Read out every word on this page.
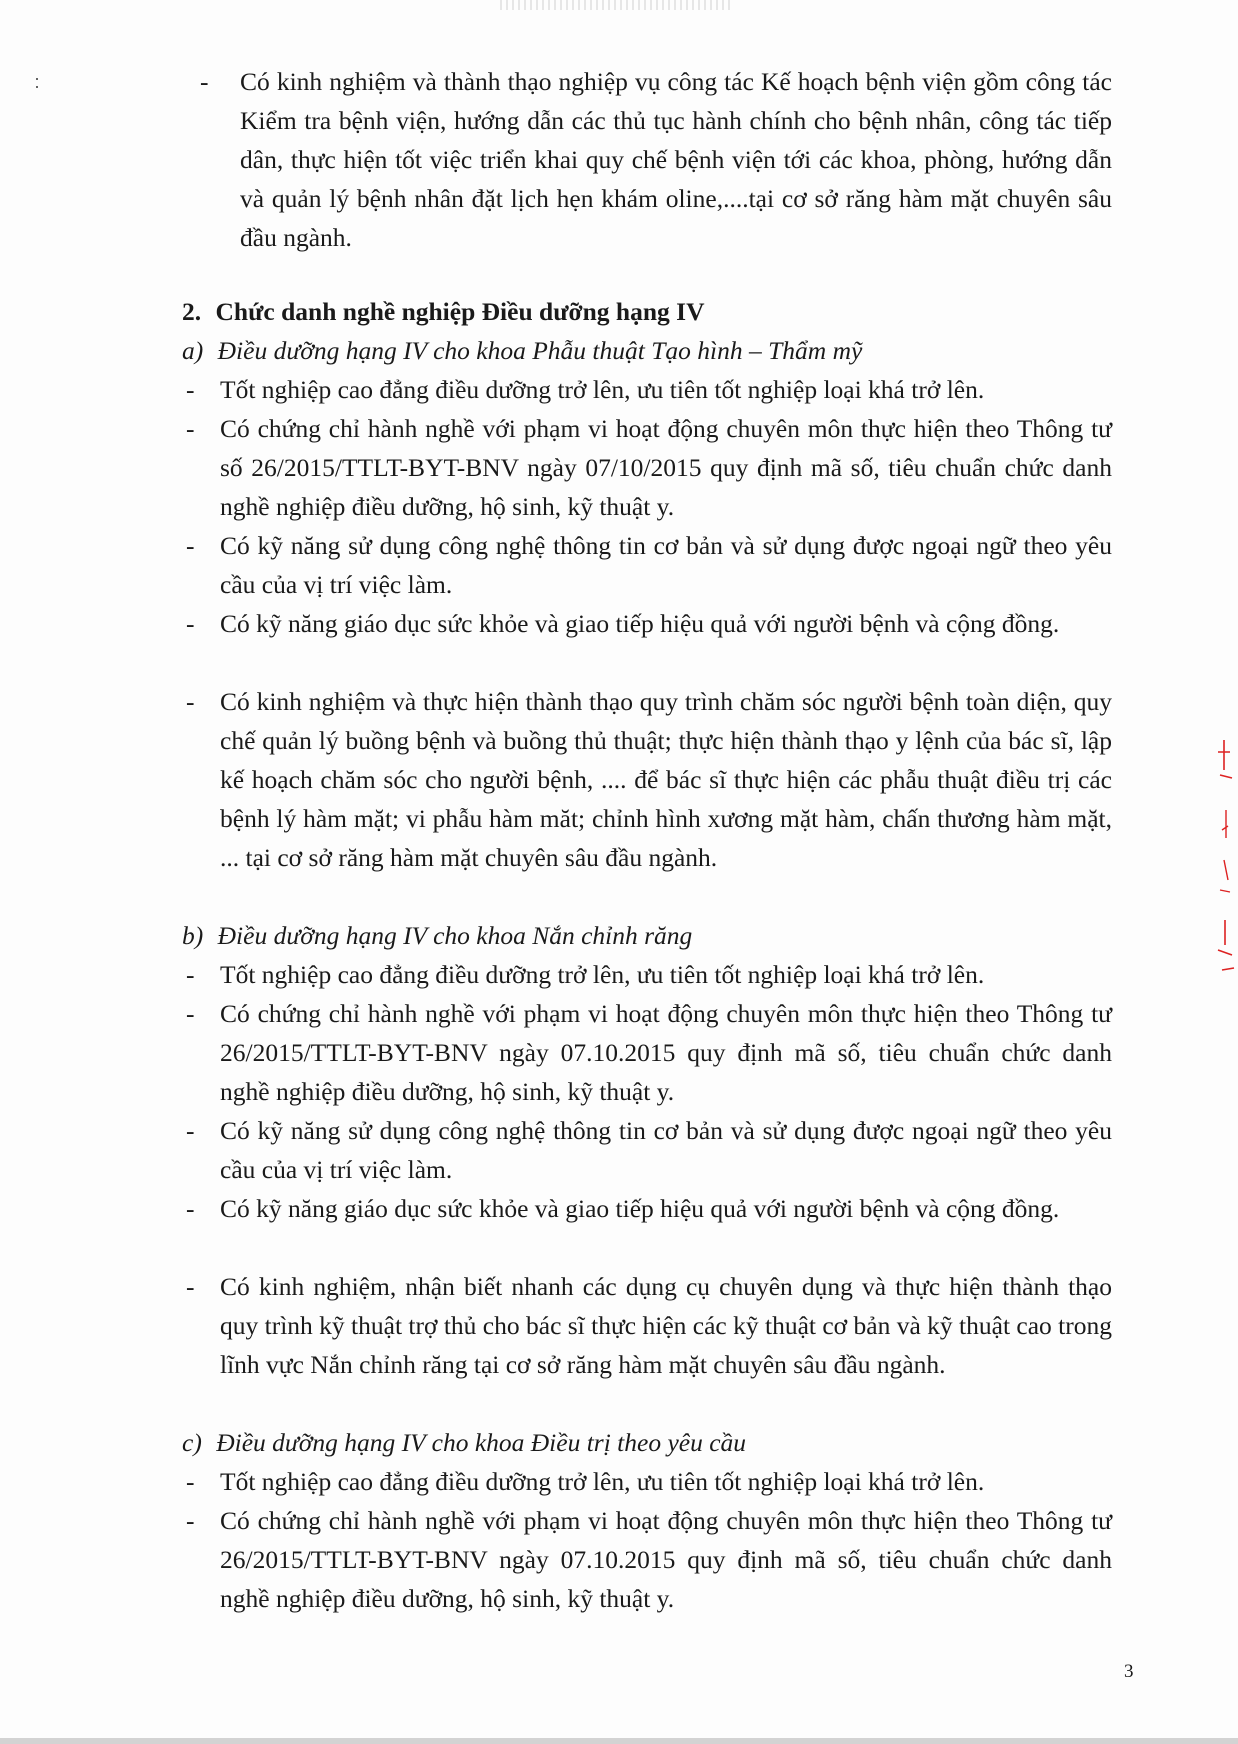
- Có kinh nghiệm và thành thạo nghiệp vụ công tác Kế hoạch bệnh viện gồm công tác Kiểm tra bệnh viện, hướng dẫn các thủ tục hành chính cho bệnh nhân, công tác tiếp dân, thực hiện tốt việc triển khai quy chế bệnh viện tới các khoa, phòng, hướng dẫn và quản lý bệnh nhân đặt lịch hẹn khám oline,....tại cơ sở răng hàm mặt chuyên sâu đầu ngành.
2. Chức danh nghề nghiệp Điều dưỡng hạng IV
a) Điều dưỡng hạng IV cho khoa Phẫu thuật Tạo hình – Thẩm mỹ
- Tốt nghiệp cao đẳng điều dưỡng trở lên, ưu tiên tốt nghiệp loại khá trở lên.
- Có chứng chỉ hành nghề với phạm vi hoạt động chuyên môn thực hiện theo Thông tư số 26/2015/TTLT-BYT-BNV ngày 07/10/2015 quy định mã số, tiêu chuẩn chức danh nghề nghiệp điều dưỡng, hộ sinh, kỹ thuật y.
- Có kỹ năng sử dụng công nghệ thông tin cơ bản và sử dụng được ngoại ngữ theo yêu cầu của vị trí việc làm.
- Có kỹ năng giáo dục sức khỏe và giao tiếp hiệu quả với người bệnh và cộng đồng.
- Có kinh nghiệm và thực hiện thành thạo quy trình chăm sóc người bệnh toàn diện, quy chế quản lý buồng bệnh và buồng thủ thuật; thực hiện thành thạo y lệnh của bác sĩ, lập kế hoạch chăm sóc cho người bệnh, .... để bác sĩ thực hiện các phẫu thuật điều trị các bệnh lý hàm mặt; vi phẫu hàm măt; chỉnh hình xương mặt hàm, chấn thương hàm mặt, ... tại cơ sở răng hàm mặt chuyên sâu đầu ngành.
b) Điều dưỡng hạng IV cho khoa Nắn chỉnh răng
- Tốt nghiệp cao đẳng điều dưỡng trở lên, ưu tiên tốt nghiệp loại khá trở lên.
- Có chứng chỉ hành nghề với phạm vi hoạt động chuyên môn thực hiện theo Thông tư 26/2015/TTLT-BYT-BNV ngày 07.10.2015 quy định mã số, tiêu chuẩn chức danh nghề nghiệp điều dưỡng, hộ sinh, kỹ thuật y.
- Có kỹ năng sử dụng công nghệ thông tin cơ bản và sử dụng được ngoại ngữ theo yêu cầu của vị trí việc làm.
- Có kỹ năng giáo dục sức khỏe và giao tiếp hiệu quả với người bệnh và cộng đồng.
- Có kinh nghiệm, nhận biết nhanh các dụng cụ chuyên dụng và thực hiện thành thạo quy trình kỹ thuật trợ thủ cho bác sĩ thực hiện các kỹ thuật cơ bản và kỹ thuật cao trong lĩnh vực Nắn chỉnh răng tại cơ sở răng hàm mặt chuyên sâu đầu ngành.
c) Điều dưỡng hạng IV cho khoa Điều trị theo yêu cầu
- Tốt nghiệp cao đẳng điều dưỡng trở lên, ưu tiên tốt nghiệp loại khá trở lên.
- Có chứng chỉ hành nghề với phạm vi hoạt động chuyên môn thực hiện theo Thông tư 26/2015/TTLT-BYT-BNV ngày 07.10.2015 quy định mã số, tiêu chuẩn chức danh nghề nghiệp điều dưỡng, hộ sinh, kỹ thuật y.
3
